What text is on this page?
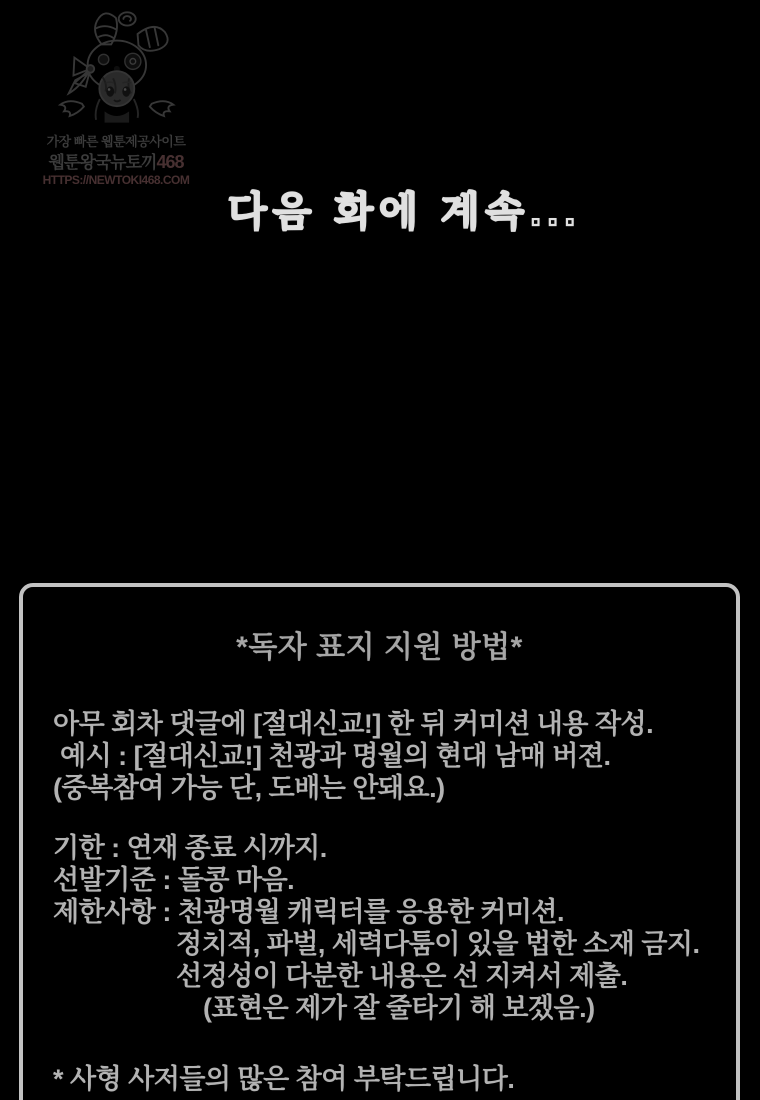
가장 빠른 웹툰제공사이트
웹툰왕국뉴토끼468
HTTPS://NEWTOKI468.COM
다음 화에 계속...
*독자 표지 지원 방법*

아무 회차 댓글에 [절대신교!] 한 뒤 커미션 내용 작성.

예시 : [절대신교!] 천광과 명월의 현대 남매 버젼.

(중복참여 가능 단, 도배는 안돼요.)

기한 : 연재 종료 시까지.

선발기준 : 돌콩 마음.

제한사항 : 천광명월 캐릭터를 응용한 커미션.

정치적, 파벌, 세력다툼이 있을 법한 소재 금지.

선정성이 다분한 내용은 선 지켜서 제출.

(표현은 제가 잘 줄타기 해 보겠음.)

* 사형 사저들의 많은 참여 부탁드립니다.
